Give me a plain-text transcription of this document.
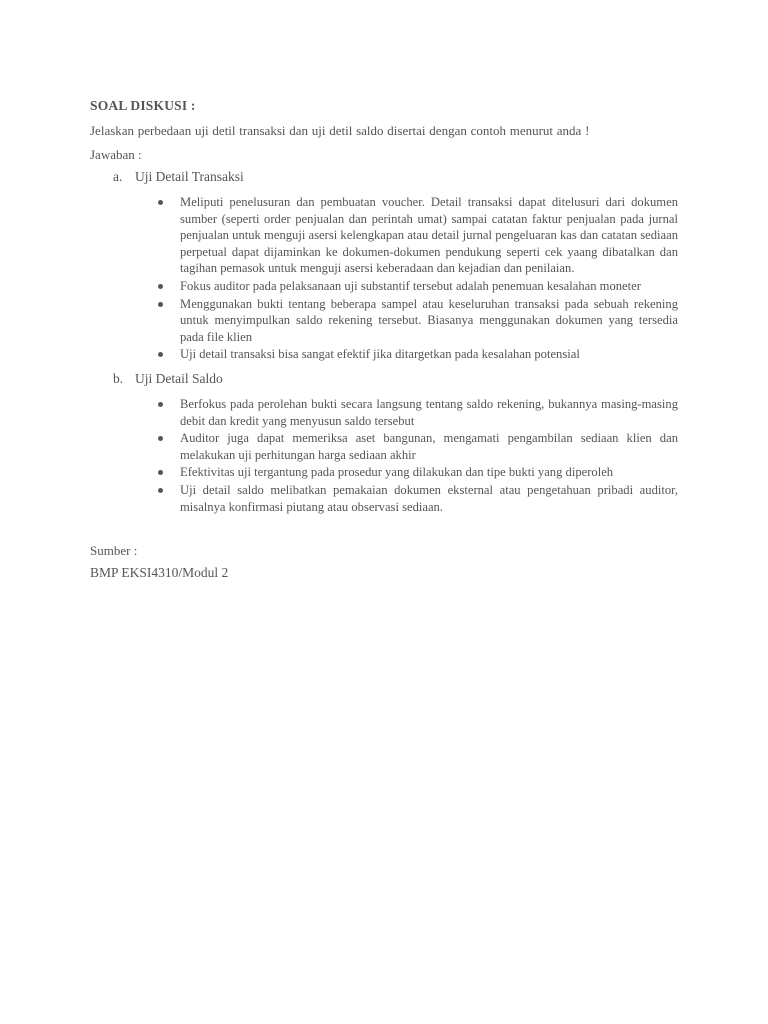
SOAL DISKUSI :
Jelaskan perbedaan uji detil transaksi dan uji detil saldo disertai dengan contoh menurut anda !
Jawaban :
a. Uji Detail Transaksi
Meliputi penelusuran dan pembuatan voucher. Detail transaksi dapat ditelusuri dari dokumen sumber (seperti order penjualan dan perintah umat) sampai catatan faktur penjualan pada jurnal penjualan untuk menguji asersi kelengkapan atau detail jurnal pengeluaran kas dan catatan sediaan perpetual dapat dijaminkan ke dokumen-dokumen pendukung seperti cek yaang dibatalkan dan tagihan pemasok untuk menguji asersi keberadaan dan kejadian dan penilaian.
Fokus auditor pada pelaksanaan uji substantif tersebut adalah penemuan kesalahan moneter
Menggunakan bukti tentang beberapa sampel atau keseluruhan transaksi pada sebuah rekening untuk menyimpulkan saldo rekening tersebut. Biasanya menggunakan dokumen yang tersedia pada file klien
Uji detail transaksi bisa sangat efektif jika ditargetkan pada kesalahan potensial
b. Uji Detail Saldo
Berfokus pada perolehan bukti secara langsung tentang saldo rekening, bukannya masing-masing debit dan kredit yang menyusun saldo tersebut
Auditor juga dapat memeriksa aset bangunan, mengamati pengambilan sediaan klien dan melakukan uji perhitungan harga sediaan akhir
Efektivitas uji tergantung pada prosedur yang dilakukan dan tipe bukti yang diperoleh
Uji detail saldo melibatkan pemakaian dokumen eksternal atau pengetahuan pribadi auditor, misalnya konfirmasi piutang atau observasi sediaan.
Sumber :
BMP EKSI4310/Modul 2
